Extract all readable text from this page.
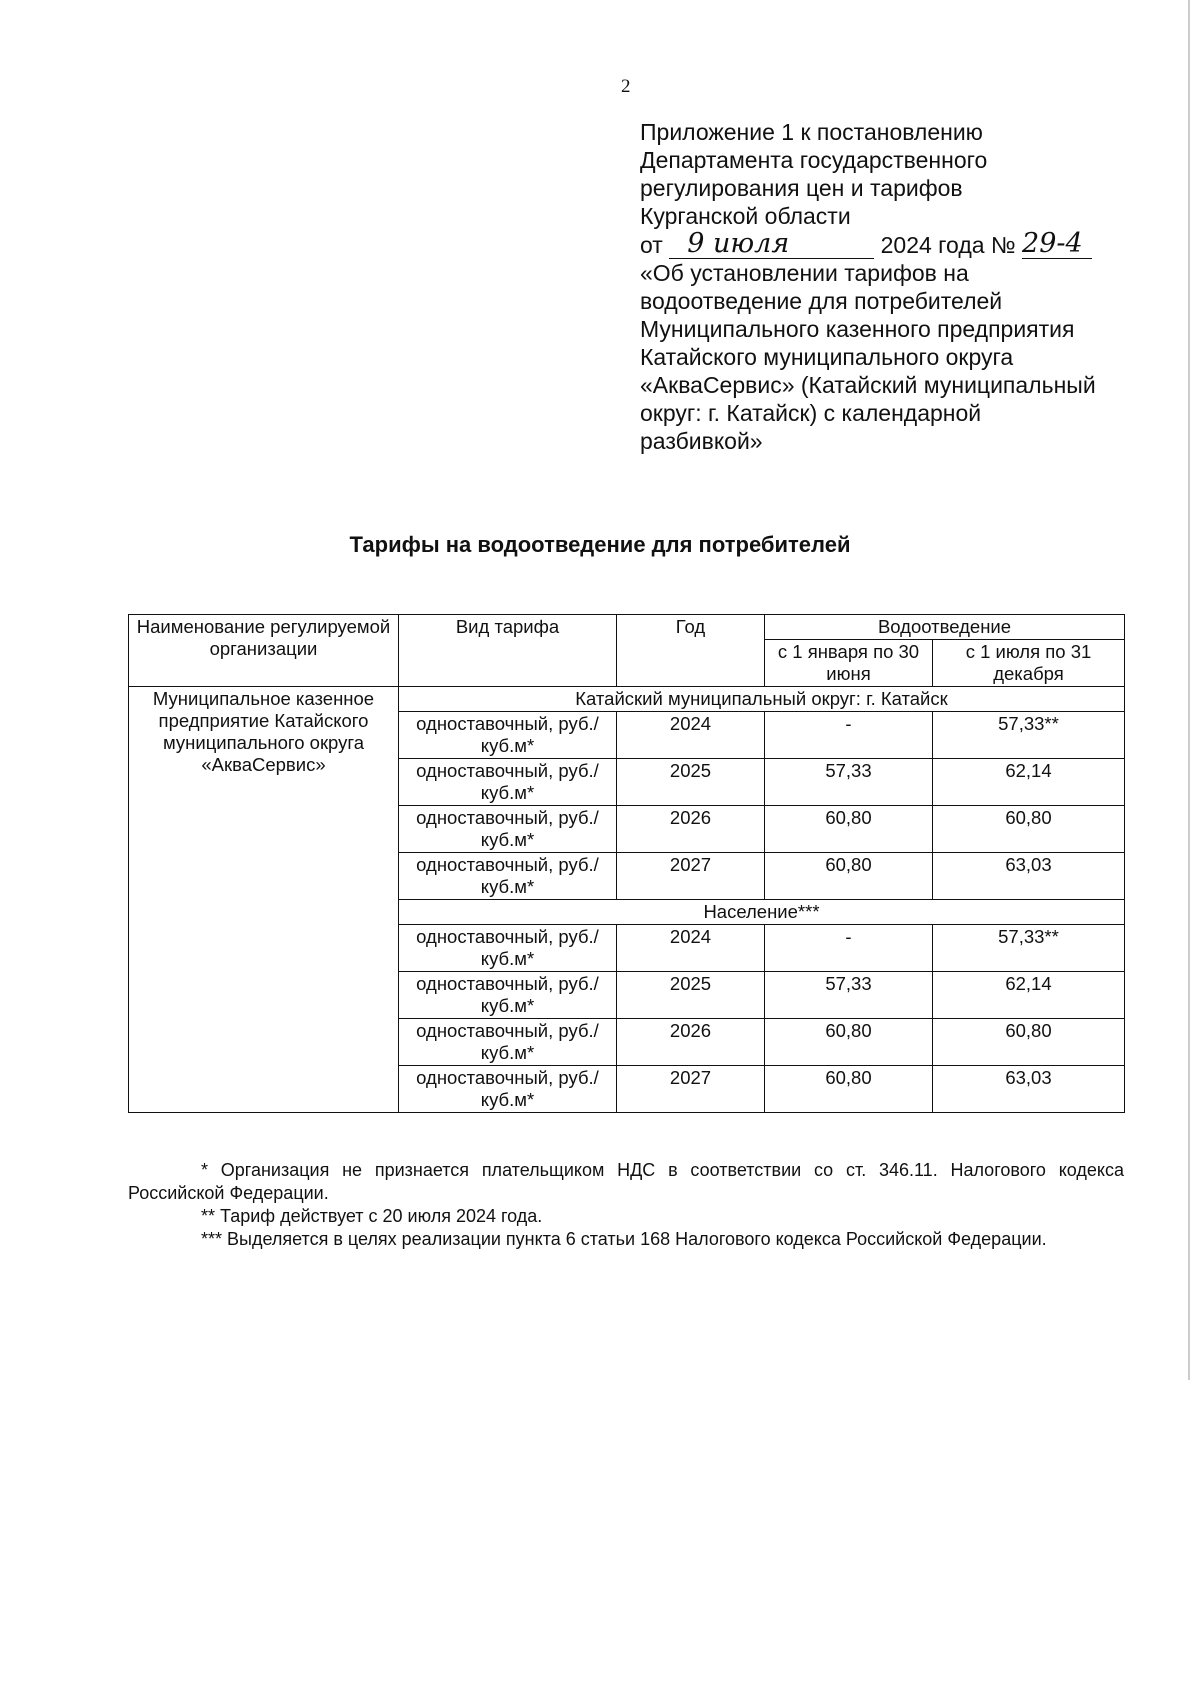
2
Приложение 1 к постановлению
Департамента государственного
регулирования цен и тарифов
Курганской области
от 9 июля	2024 года № 29-4
«Об установлении тарифов на
водоотведение для потребителей
Муниципального казенного предприятия
Катайского муниципального округа
«АкваСервис» (Катайский муниципальный
округ: г. Катайск) с календарной
разбивкой»
Тарифы на водоотведение для потребителей
Наименование регулируемой организации	Вид тарифа	Год	Водоотведение	
			с 1 января по 30 июня	с 1 июля по 31 декабря
Муниципальное казенное предприятие Катайского муниципального округа «АкваСервис»	Катайский муниципальный округ: г. Катайск			
	одноставочный, руб./куб.м*	2024	-	57,33**
	одноставочный, руб./куб.м*	2025	57,33	62,14
	одноставочный, руб./куб.м*	2026	60,80	60,80
	одноставочный, руб./куб.м*	2027	60,80	63,03
	Население***			
	одноставочный, руб./куб.м*	2024	-	57,33**
	одноставочный, руб./куб.м*	2025	57,33	62,14
	одноставочный, руб./куб.м*	2026	60,80	60,80
	одноставочный, руб./куб.м*	2027	60,80	63,03

* Организация не признается плательщиком НДС в соответствии со ст. 346.11. Налогового кодекса Российской Федерации.

** Тариф действует с 20 июля 2024 года.

*** Выделяется в целях реализации пункта 6 статьи 168 Налогового кодекса Российской Федерации.
